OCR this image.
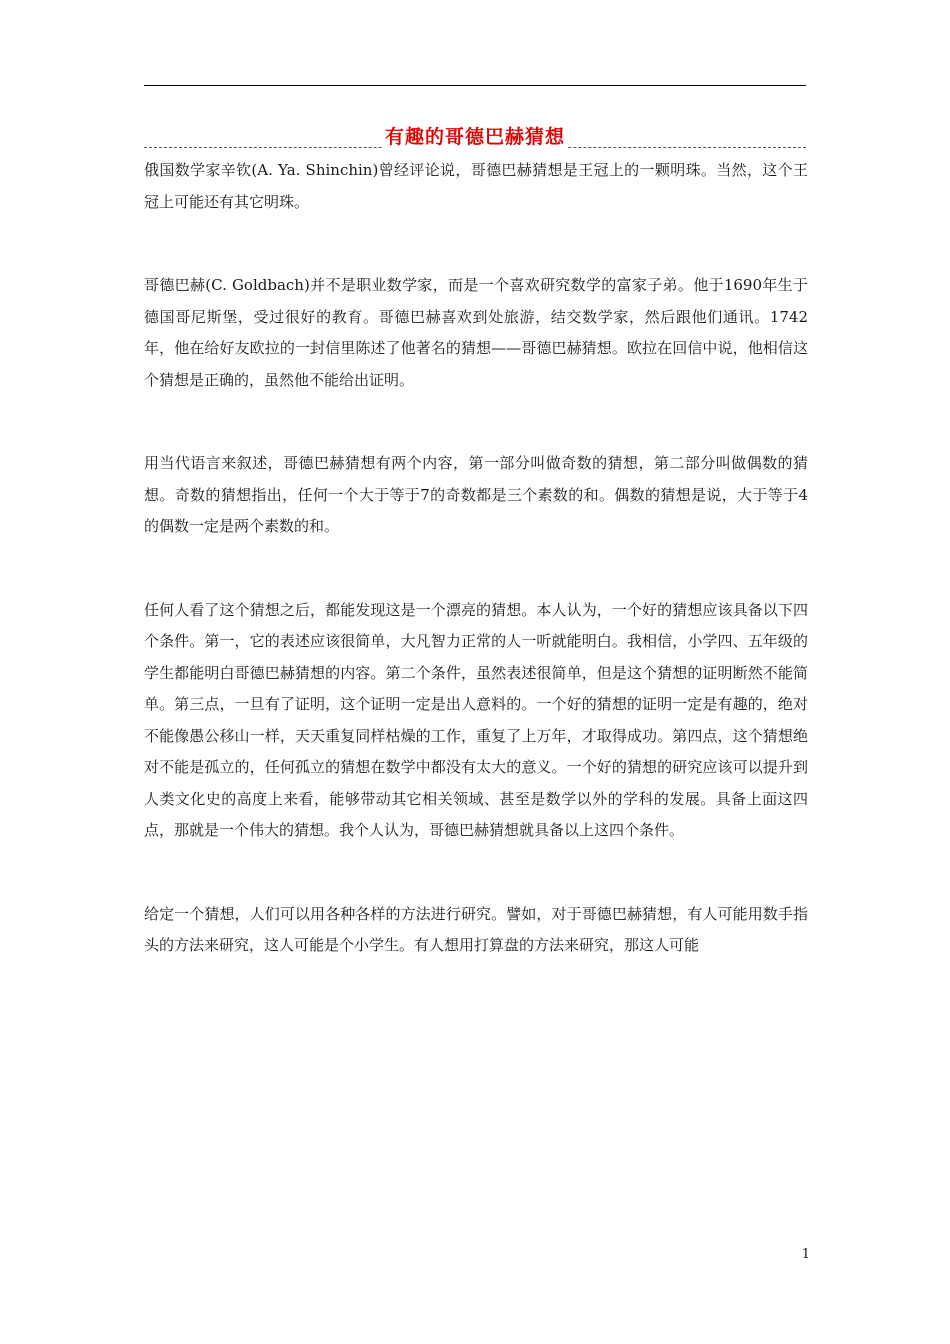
有趣的哥德巴赫猜想

俄国数学家辛钦(A. Ya. Shinchin)曾经评论说，哥德巴赫猜想是王冠上的一颗明珠。当然，这个王冠上可能还有其它明珠。

哥德巴赫(C. Goldbach)并不是职业数学家，而是一个喜欢研究数学的富家子弟。他于1690年生于德国哥尼斯堡，受过很好的教育。哥德巴赫喜欢到处旅游，结交数学家，然后跟他们通讯。1742年，他在给好友欧拉的一封信里陈述了他著名的猜想——哥德巴赫猜想。欧拉在回信中说，他相信这个猜想是正确的，虽然他不能给出证明。

用当代语言来叙述，哥德巴赫猜想有两个内容，第一部分叫做奇数的猜想，第二部分叫做偶数的猜想。奇数的猜想指出，任何一个大于等于7的奇数都是三个素数的和。偶数的猜想是说，大于等于4的偶数一定是两个素数的和。

任何人看了这个猜想之后，都能发现这是一个漂亮的猜想。本人认为，一个好的猜想应该具备以下四个条件。第一，它的表述应该很简单，大凡智力正常的人一听就能明白。我相信，小学四、五年级的学生都能明白哥德巴赫猜想的内容。第二个条件，虽然表述很简单，但是这个猜想的证明断然不能简单。第三点，一旦有了证明，这个证明一定是出人意料的。一个好的猜想的证明一定是有趣的，绝对不能像愚公移山一样，天天重复同样枯燥的工作，重复了上万年，才取得成功。第四点，这个猜想绝对不能是孤立的，任何孤立的猜想在数学中都没有太大的意义。一个好的猜想的研究应该可以提升到人类文化史的高度上来看，能够带动其它相关领域、甚至是数学以外的学科的发展。具备上面这四点，那就是一个伟大的猜想。我个人认为，哥德巴赫猜想就具备以上这四个条件。

给定一个猜想，人们可以用各种各样的方法进行研究。譬如，对于哥德巴赫猜想，有人可能用数手指头的方法来研究，这人可能是个小学生。有人想用打算盘的方法来研究，那这人可能

1
